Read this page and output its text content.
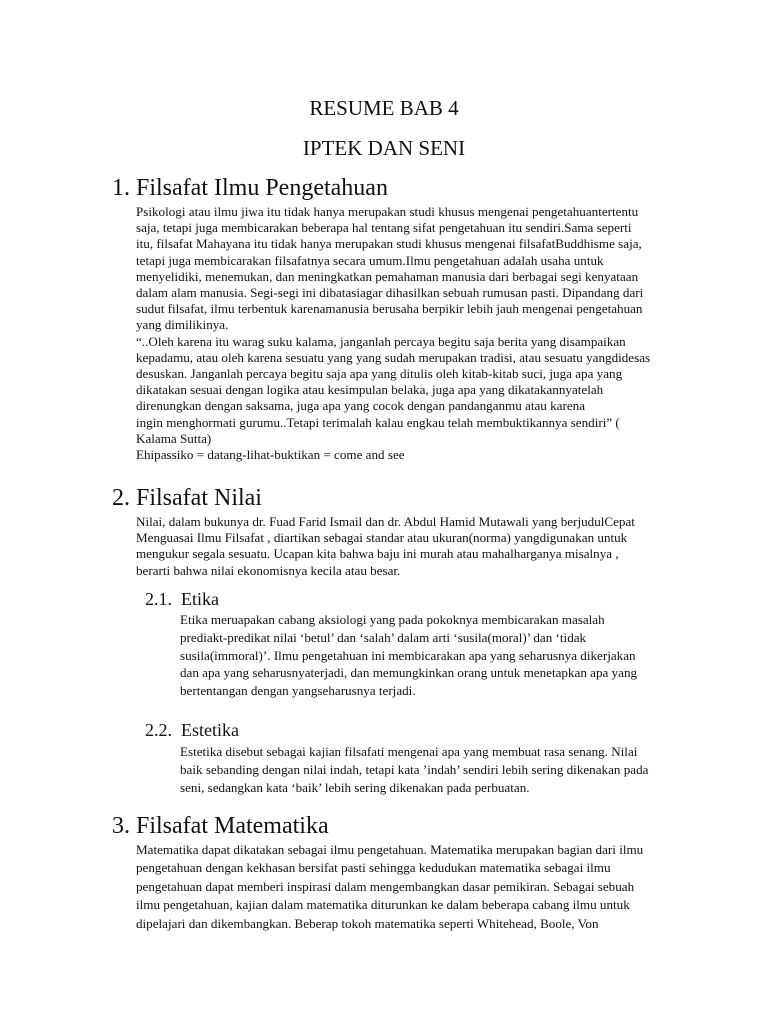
RESUME BAB 4
IPTEK DAN SENI
1. Filsafat Ilmu Pengetahuan
Psikologi atau ilmu jiwa itu tidak hanya merupakan studi khusus mengenai pengetahuantertentu
saja, tetapi juga membicarakan beberapa hal tentang sifat pengetahuan itu sendiri.Sama seperti
itu, filsafat Mahayana itu tidak hanya merupakan studi khusus mengenai filsafatBuddhisme saja,
tetapi juga membicarakan filsafatnya secara umum.Ilmu pengetahuan adalah usaha untuk
menyelidiki, menemukan, dan meningkatkan pemahaman manusia dari berbagai segi kenyataan
dalam alam manusia. Segi-segi ini dibatasiagar dihasilkan sebuah rumusan pasti. Dipandang dari
sudut filsafat, ilmu terbentuk karenamanusia berusaha berpikir lebih jauh mengenai pengetahuan
yang dimilikinya.
“..Oleh karena itu warag suku kalama, janganlah percaya begitu saja berita yang disampaikan
kepadamu, atau oleh karena sesuatu yang yang sudah merupakan tradisi, atau sesuatu yangdidesas
desuskan. Janganlah percaya begitu saja apa yang ditulis oleh kitab-kitab suci, juga apa yang
dikatakan sesuai dengan logika atau kesimpulan belaka, juga apa yang dikatakannyatelah
direnungkan dengan saksama, juga apa yang cocok dengan pandanganmu atau karena
ingin menghormati gurumu..Tetapi terimalah kalau engkau telah membuktikannya sendiri” (
Kalama Sutta)
Ehipassiko = datang-lihat-buktikan = come and see
2. Filsafat Nilai
Nilai, dalam bukunya dr. Fuad Farid Ismail dan dr. Abdul Hamid Mutawali yang berjudulCepat
Menguasai Ilmu Filsafat , diartikan sebagai standar atau ukuran(norma) yangdigunakan untuk
mengukur segala sesuatu. Ucapan kita bahwa baju ini murah atau mahalharganya misalnya ,
berarti bahwa nilai ekonomisnya kecila atau besar.
2.1. Etika
Etika meruapakan cabang aksiologi yang pada pokoknya membicarakan masalah
prediakt-predikat nilai ‘betul’ dan ‘salah’ dalam arti ‘susila(moral)’ dan ‘tidak
susila(immoral)’. Ilmu pengetahuan ini membicarakan apa yang seharusnya dikerjakan
dan apa yang seharusnyaterjadi, dan memungkinkan orang untuk menetapkan apa yang
bertentangan dengan yangseharusnya terjadi.
2.2. Estetika
Estetika disebut sebagai kajian filsafati mengenai apa yang membuat rasa senang. Nilai
baik sebanding dengan nilai indah, tetapi kata ’indah’ sendiri lebih sering dikenakan pada
seni, sedangkan kata ‘baik’ lebih sering dikenakan pada perbuatan.
3. Filsafat Matematika
Matematika dapat dikatakan sebagai ilmu pengetahuan. Matematika merupakan bagian dari ilmu
pengetahuan dengan kekhasan bersifat pasti sehingga kedudukan matematika sebagai ilmu
pengetahuan dapat memberi inspirasi dalam mengembangkan dasar pemikiran. Sebagai sebuah
ilmu pengetahuan, kajian dalam matematika diturunkan ke dalam beberapa cabang ilmu untuk
dipelajari dan dikembangkan. Beberap tokoh matematika seperti Whitehead, Boole, Von
